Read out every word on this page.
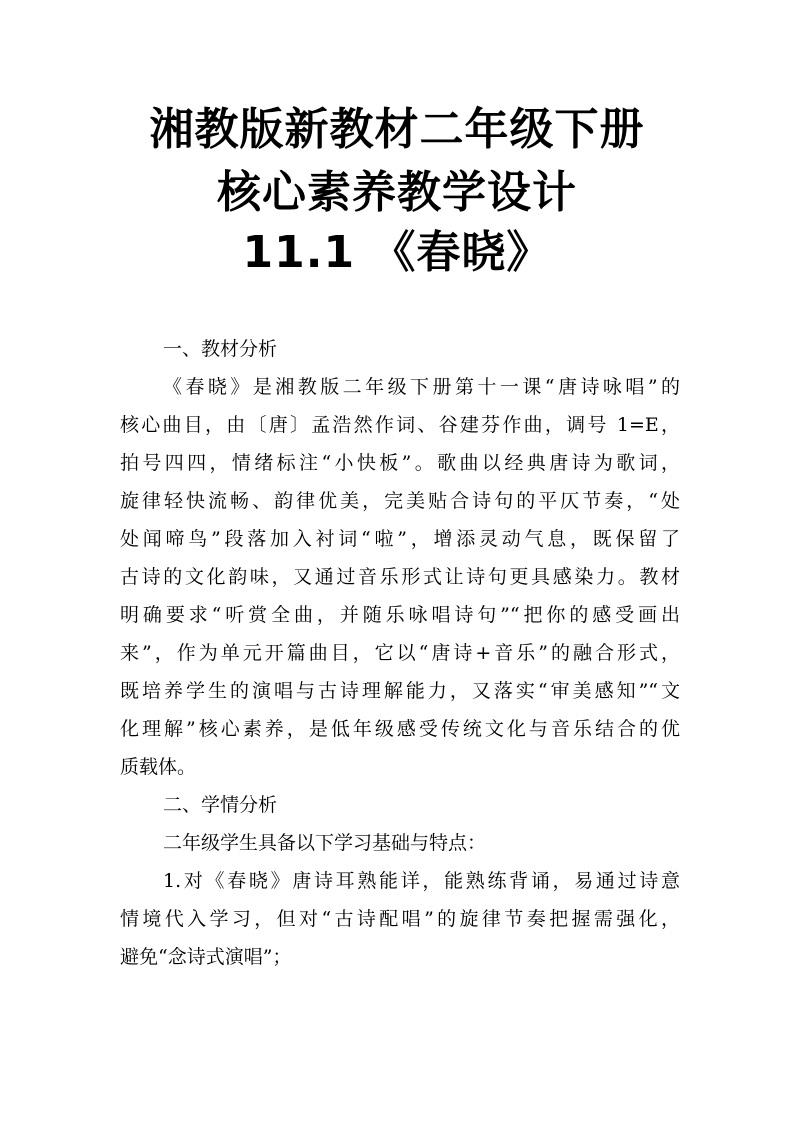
湘教版新教材二年级下册
核心素养教学设计
11.1 《春晓》
一、教材分析
《春晓》是湘教版二年级下册第十一课“唐诗咏唱”的
核心曲目，由〔唐〕孟浩然作词、谷建芬作曲，调号 1=E，
拍号四四，情绪标注“小快板”。歌曲以经典唐诗为歌词，
旋律轻快流畅、韵律优美，完美贴合诗句的平仄节奏，“处
处闻啼鸟”段落加入衬词“啦”，增添灵动气息，既保留了
古诗的文化韵味，又通过音乐形式让诗句更具感染力。教材
明确要求“听赏全曲，并随乐咏唱诗句”“把你的感受画出
来”，作为单元开篇曲目，它以“唐诗+音乐”的融合形式，
既培养学生的演唱与古诗理解能力，又落实“审美感知”“文
化理解”核心素养，是低年级感受传统文化与音乐结合的优
质载体。
二、学情分析
二年级学生具备以下学习基础与特点：
1.对《春晓》唐诗耳熟能详，能熟练背诵，易通过诗意
情境代入学习，但对“古诗配唱”的旋律节奏把握需强化，
避免“念诗式演唱”；
